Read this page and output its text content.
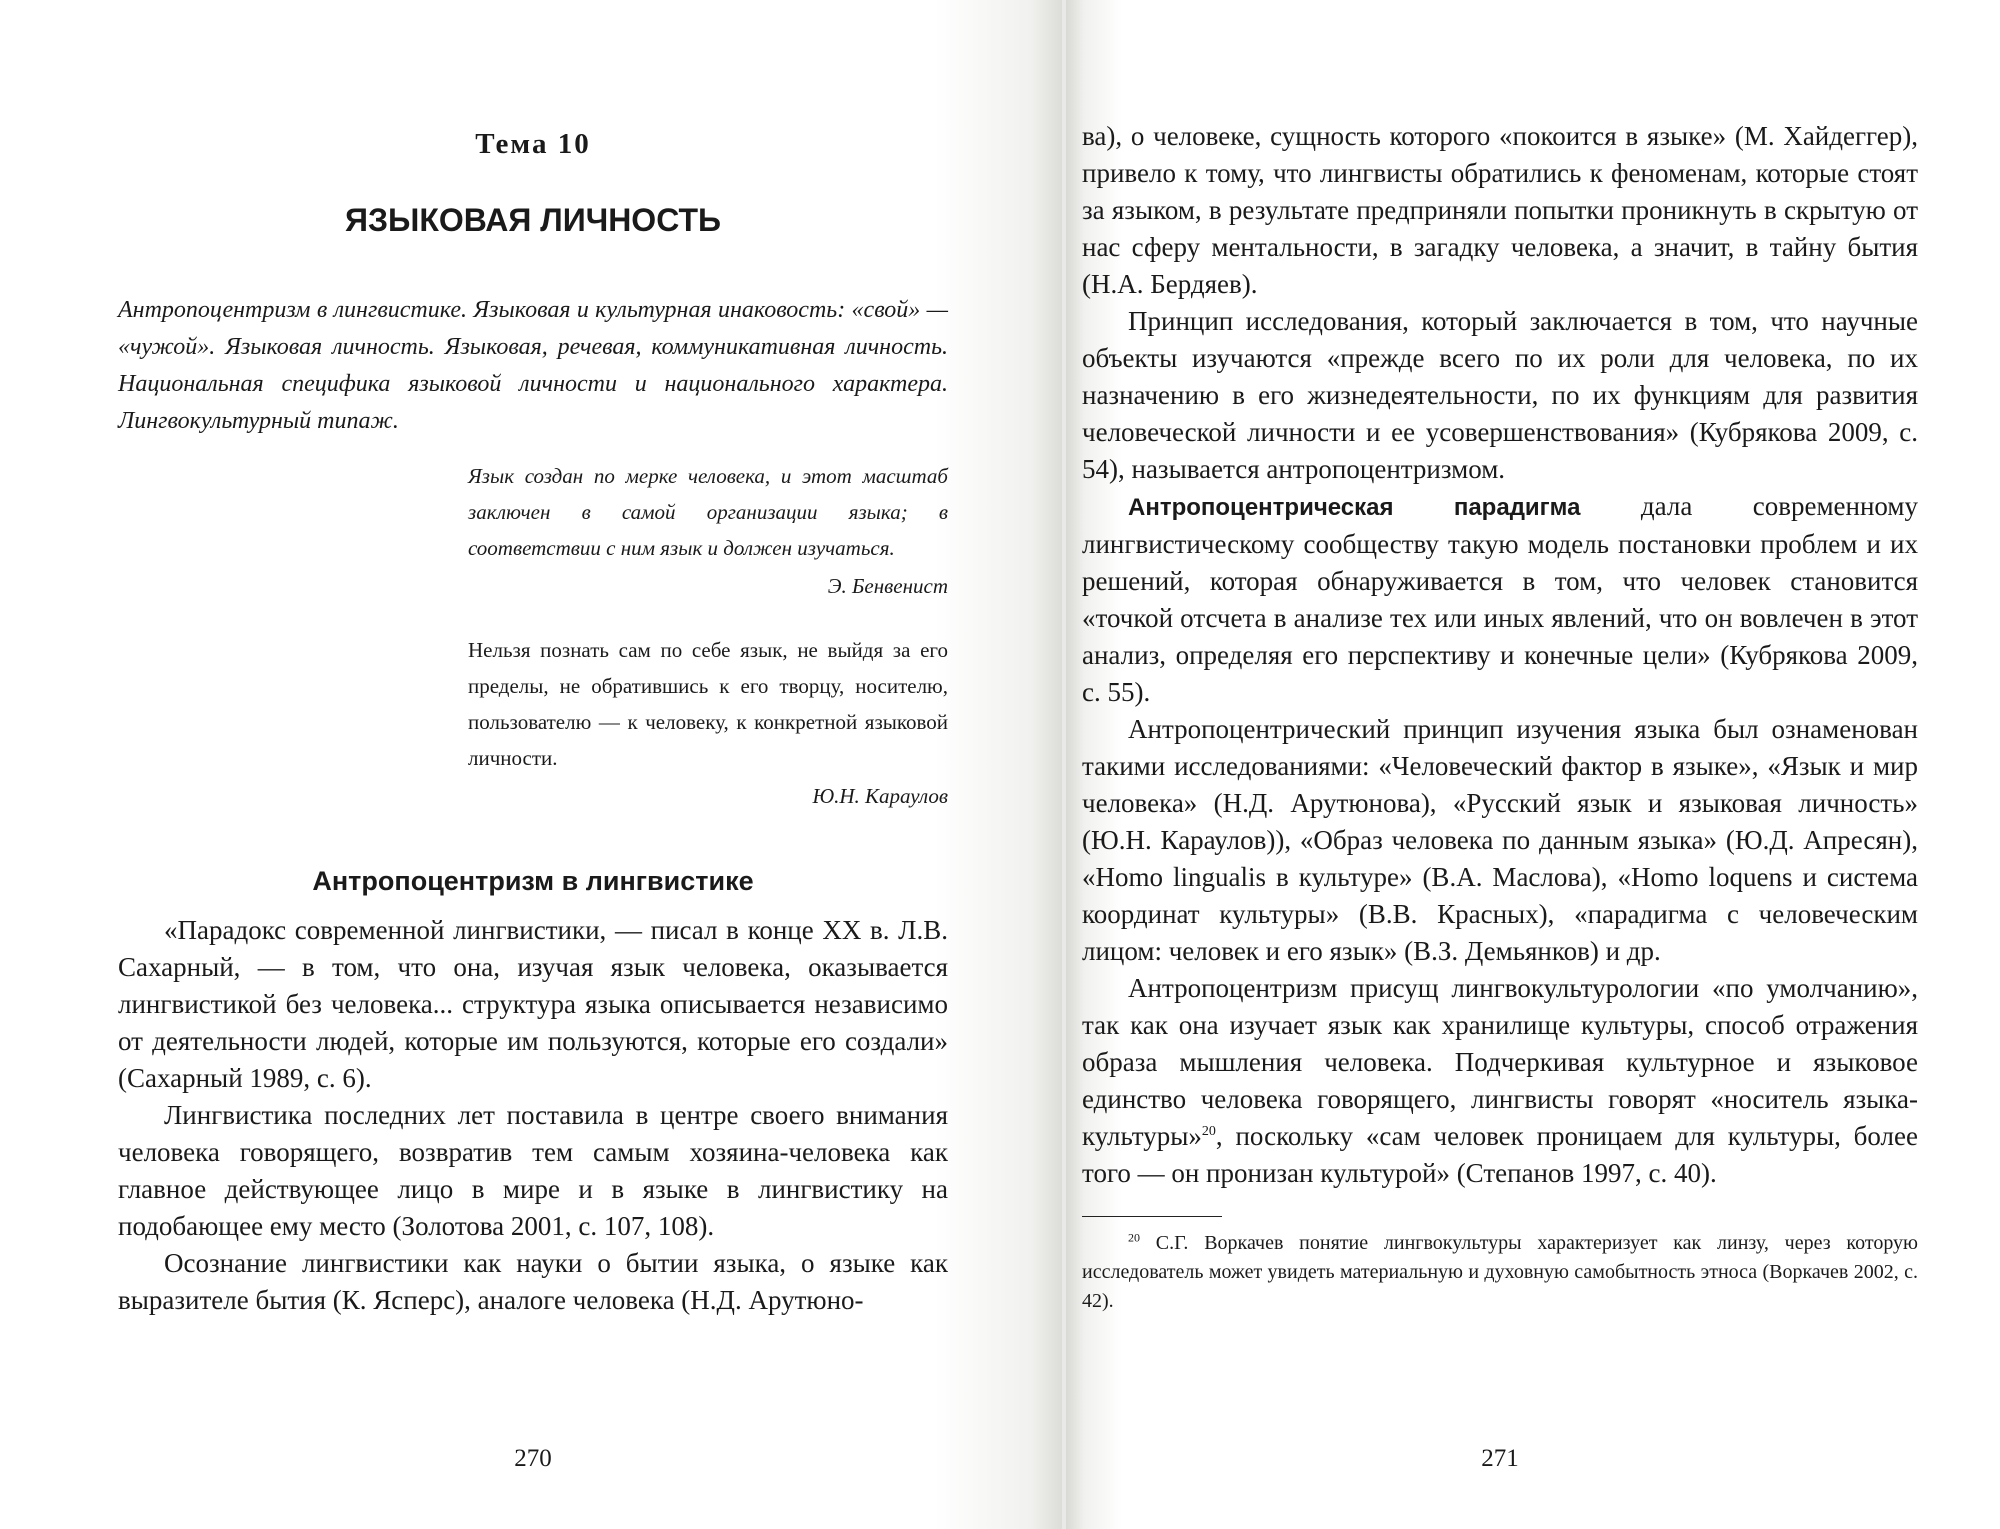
Тема 10
ЯЗЫКОВАЯ ЛИЧНОСТЬ
Антропоцентризм в лингвистике. Языковая и культурная инаковость: «свой» — «чужой». Языковая личность. Языковая, речевая, коммуникативная личность. Национальная специфика языковой личности и национального характера. Лингвокультурный типаж.
Язык создан по мерке человека, и этот масштаб заключен в самой организации языка; в соответствии с ним язык и должен изучаться.
Э. Бенвенист
Нельзя познать сам по себе язык, не выйдя за его пределы, не обратившись к его творцу, носителю, пользователю — к человеку, к конкретной языковой личности.
Ю.Н. Караулов
Антропоцентризм в лингвистике

«Парадокс современной лингвистики, — писал в конце XX в. Л.В. Сахарный, — в том, что она, изучая язык человека, оказывается лингвистикой без человека... структура языка описывается независимо от деятельности людей, которые им пользуются, которые его создали» (Сахарный 1989, с. 6).

Лингвистика последних лет поставила в центре своего внимания человека говорящего, возвратив тем самым хозяина-человека как главное действующее лицо в мире и в языке в лингвистику на подобающее ему место (Золотова 2001, с. 107, 108).

Осознание лингвистики как науки о бытии языка, о языке как выразителе бытия (К. Ясперс), аналоге человека (Н.Д. Арутюно-

270

ва), о человеке, сущность которого «покоится в языке» (М. Хайдеггер), привело к тому, что лингвисты обратились к феноменам, которые стоят за языком, в результате предприняли попытки проникнуть в скрытую от нас сферу ментальности, в загадку человека, а значит, в тайну бытия (Н.А. Бердяев).

Принцип исследования, который заключается в том, что научные объекты изучаются «прежде всего по их роли для человека, по их назначению в его жизнедеятельности, по их функциям для развития человеческой личности и ее усовершенствования» (Кубрякова 2009, с. 54), называется антропоцентризмом.

Антропоцентрическая парадигма дала современному лингвистическому сообществу такую модель постановки проблем и их решений, которая обнаруживается в том, что человек становится «точкой отсчета в анализе тех или иных явлений, что он вовлечен в этот анализ, определяя его перспективу и конечные цели» (Кубрякова 2009, с. 55).

Антропоцентрический принцип изучения языка был ознаменован такими исследованиями: «Человеческий фактор в языке», «Язык и мир человека» (Н.Д. Арутюнова), «Русский язык и языковая личность» (Ю.Н. Караулов)), «Образ человека по данным языка» (Ю.Д. Апресян), «Homo lingualis в культуре» (В.А. Маслова), «Homo loquens и система координат культуры» (В.В. Красных), «парадигма с человеческим лицом: человек и его язык» (В.З. Демьянков) и др.

Антропоцентризм присущ лингвокультурологии «по умолчанию», так как она изучает язык как хранилище культуры, способ отражения образа мышления человека. Подчеркивая культурное и языковое единство человека говорящего, лингвисты говорят «носитель языка-культуры»$^{20}$, поскольку «сам человек проницаем для культуры, более того — он пронизан культурой» (Степанов 1997, с. 40).

$^{20}$ С.Г. Воркачев понятие лингвокультуры характеризует как линзу, через которую исследователь может увидеть материальную и духовную самобытность этноса (Воркачев 2002, с. 42).
271
